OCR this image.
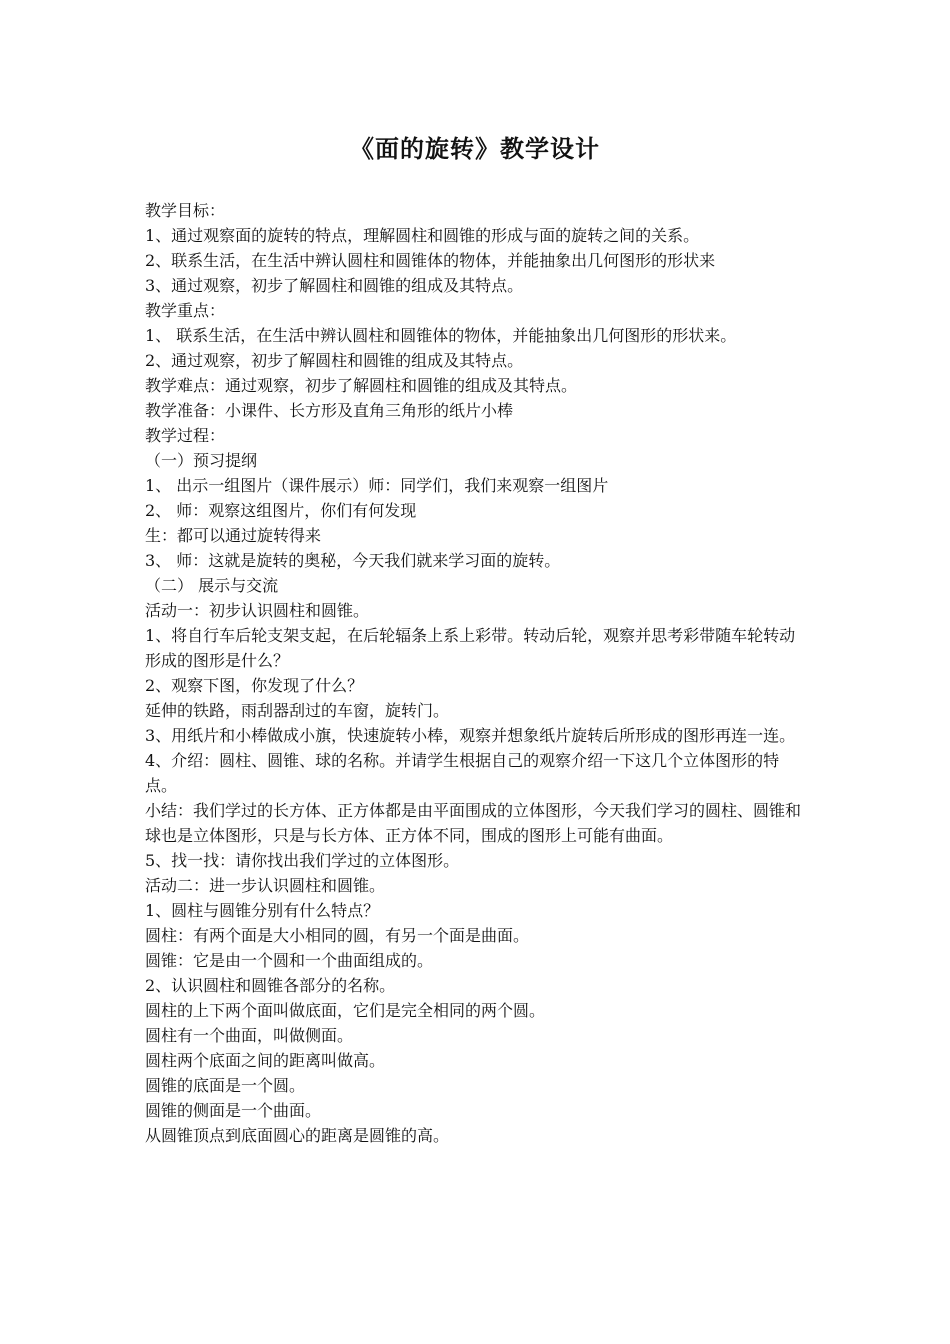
《面的旋转》教学设计

教学目标：

1、通过观察面的旋转的特点，理解圆柱和圆锥的形成与面的旋转之间的关系。

2、联系生活，在生活中辨认圆柱和圆锥体的物体，并能抽象出几何图形的形状来

3、通过观察，初步了解圆柱和圆锥的组成及其特点。

教学重点：

1、 联系生活，在生活中辨认圆柱和圆锥体的物体，并能抽象出几何图形的形状来。

2、通过观察，初步了解圆柱和圆锥的组成及其特点。

教学难点：通过观察，初步了解圆柱和圆锥的组成及其特点。

教学准备：小课件、长方形及直角三角形的纸片小棒

教学过程：

（一）预习提纲

1、 出示一组图片（课件展示）师：同学们，我们来观察一组图片

2、 师：观察这组图片，你们有何发现

生：都可以通过旋转得来

3、 师：这就是旋转的奥秘，今天我们就来学习面的旋转。

（二） 展示与交流

活动一：初步认识圆柱和圆锥。

1、将自行车后轮支架支起，在后轮辐条上系上彩带。转动后轮，观察并思考彩带随车轮转动形成的图形是什么？

2、观察下图，你发现了什么？

延伸的铁路，雨刮器刮过的车窗，旋转门。

3、用纸片和小棒做成小旗，快速旋转小棒，观察并想象纸片旋转后所形成的图形再连一连。

4、介绍：圆柱、圆锥、球的名称。并请学生根据自己的观察介绍一下这几个立体图形的特点。

小结：我们学过的长方体、正方体都是由平面围成的立体图形，今天我们学习的圆柱、圆锥和球也是立体图形，只是与长方体、正方体不同，围成的图形上可能有曲面。

5、找一找：请你找出我们学过的立体图形。

活动二：进一步认识圆柱和圆锥。

1、圆柱与圆锥分别有什么特点？

圆柱：有两个面是大小相同的圆，有另一个面是曲面。

圆锥：它是由一个圆和一个曲面组成的。

2、认识圆柱和圆锥各部分的名称。

圆柱的上下两个面叫做底面，它们是完全相同的两个圆。

圆柱有一个曲面，叫做侧面。

圆柱两个底面之间的距离叫做高。

圆锥的底面是一个圆。

圆锥的侧面是一个曲面。

从圆锥顶点到底面圆心的距离是圆锥的高。
